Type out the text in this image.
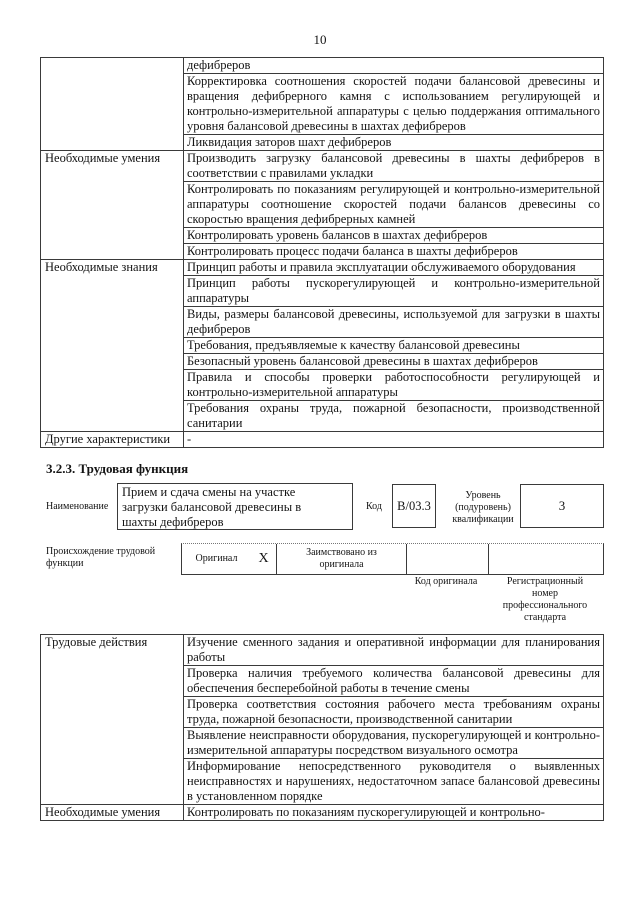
10
	дефибреров
	Корректировка соотношения скоростей подачи балансовой древесины и вращения дефибрерного камня с использованием регулирующей и контрольно-измерительной аппаратуры с целью поддержания оптимального уровня балансовой древесины в шахтах дефибреров
	Ликвидация заторов шахт дефибреров
Необходимые умения	Производить загрузку балансовой древесины в шахты дефибреров в соответствии с правилами укладки
	Контролировать по показаниям регулирующей и контрольно-измерительной аппаратуры соотношение скоростей подачи балансов древесины со скоростью вращения дефибрерных камней
	Контролировать уровень балансов в шахтах дефибреров
	Контролировать процесс подачи баланса в шахты дефибреров
Необходимые знания	Принцип работы и правила эксплуатации обслуживаемого оборудования
	Принцип работы пускорегулирующей и контрольно-измерительной аппаратуры
	Виды, размеры балансовой древесины, используемой для загрузки в шахты дефибреров
	Требования, предъявляемые к качеству балансовой древесины
	Безопасный уровень балансовой древесины в шахтах дефибреров
	Правила и способы проверки работоспособности регулирующей и контрольно-измерительной аппаратуры
	Требования охраны труда, пожарной безопасности, производственной санитарии
Другие характеристики	-
3.2.3. Трудовая функция
Наименование
Прием и сдача смены на участке загрузки балансовой древесины в шахты дефибреров
Код	B/03.3
Уровень (подуровень) квалификации
3
Происхождение трудовой функции	Оригинал	X	Заимствовано из оригинала
Код оригинала	Регистрационный номер профессионального стандарта
Трудовые действия	Изучение сменного задания и оперативной информации для планирования работы
	Проверка наличия требуемого количества балансовой древесины для обеспечения бесперебойной работы в течение смены
	Проверка соответствия состояния рабочего места требованиям охраны труда, пожарной безопасности, производственной санитарии
	Выявление неисправности оборудования, пускорегулирующей и контрольно-измерительной аппаратуры посредством визуального осмотра
	Информирование непосредственного руководителя о выявленных неисправностях и нарушениях, недостаточном запасе балансовой древесины в установленном порядке
Необходимые умения	Контролировать по показаниям пускорегулирующей и контрольно-
